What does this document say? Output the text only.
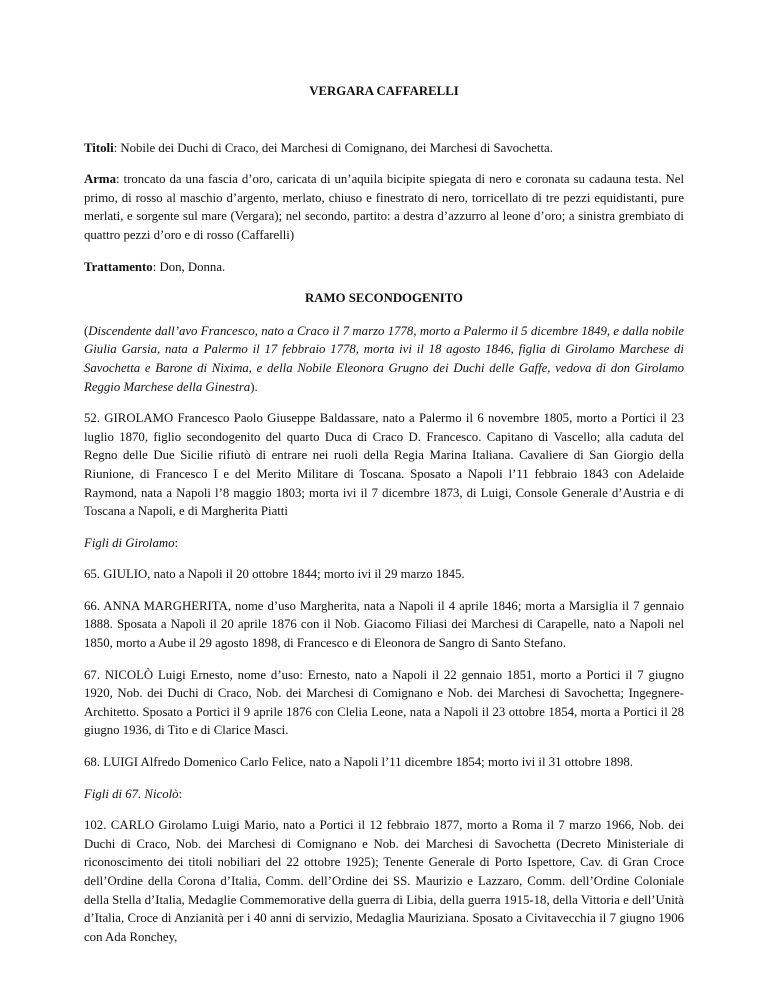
VERGARA CAFFARELLI

Titoli: Nobile dei Duchi di Craco, dei Marchesi di Comignano, dei Marchesi di Savochetta.

Arma: troncato da una fascia d’oro, caricata di un’aquila bicipite spiegata di nero e coronata su cadauna testa. Nel primo, di rosso al maschio d’argento, merlato, chiuso e finestrato di nero, torricellato di tre pezzi equidistanti, pure merlati, e sorgente sul mare (Vergara); nel secondo, partito: a destra d’azzurro al leone d’oro; a sinistra grembiato di quattro pezzi d’oro e di rosso (Caffarelli)

Trattamento: Don, Donna.

RAMO SECONDOGENITO

(Discendente dall’avo Francesco, nato a Craco il 7 marzo 1778, morto a Palermo il 5 dicembre 1849, e dalla nobile Giulia Garsia, nata a Palermo il 17 febbraio 1778, morta ivi il 18 agosto 1846, figlia di Girolamo Marchese di Savochetta e Barone di Nixima, e della Nobile Eleonora Grugno dei Duchi delle Gaffe, vedova di don Girolamo Reggio Marchese della Ginestra).

52. GIROLAMO Francesco Paolo Giuseppe Baldassare, nato a Palermo il 6 novembre 1805, morto a Portici il 23 luglio 1870, figlio secondogenito del quarto Duca di Craco D. Francesco. Capitano di Vascello; alla caduta del Regno delle Due Sicilie rifiutò di entrare nei ruoli della Regia Marina Italiana. Cavaliere di San Giorgio della Riunione, di Francesco I e del Merito Militare di Toscana. Sposato a Napoli l’11 febbraio 1843 con Adelaide Raymond, nata a Napoli l’8 maggio 1803; morta ivi il 7 dicembre 1873, di Luigi, Console Generale d’Austria e di Toscana a Napoli, e di Margherita Piatti

Figli di Girolamo:

65. GIULIO, nato a Napoli il 20 ottobre 1844; morto ivi il 29 marzo 1845.

66. ANNA MARGHERITA, nome d’uso Margherita, nata a Napoli il 4 aprile 1846; morta a Marsiglia il 7 gennaio 1888. Sposata a Napoli il 20 aprile 1876 con il Nob. Giacomo Filiasi dei Marchesi di Carapelle, nato a Napoli nel 1850, morto a Aube il 29 agosto 1898, di Francesco e di Eleonora de Sangro di Santo Stefano.

67. NICOLÒ Luigi Ernesto, nome d’uso: Ernesto, nato a Napoli il 22 gennaio 1851, morto a Portici il 7 giugno 1920, Nob. dei Duchi di Craco, Nob. dei Marchesi di Comignano e Nob. dei Marchesi di Savochetta; Ingegnere-Architetto. Sposato a Portici il 9 aprile 1876 con Clelia Leone, nata a Napoli il 23 ottobre 1854, morta a Portici il 28 giugno 1936, di Tito e di Clarice Masci.

68. LUIGI Alfredo Domenico Carlo Felice, nato a Napoli l’11 dicembre 1854; morto ivi il 31 ottobre 1898.

Figli di 67. Nicolò:

102. CARLO Girolamo Luigi Mario, nato a Portici il 12 febbraio 1877, morto a Roma il 7 marzo 1966, Nob. dei Duchi di Craco, Nob. dei Marchesi di Comignano e Nob. dei Marchesi di Savochetta (Decreto Ministeriale di riconoscimento dei titoli nobiliari del 22 ottobre 1925); Tenente Generale di Porto Ispettore, Cav. di Gran Croce dell’Ordine della Corona d’Italia, Comm. dell’Ordine dei SS. Maurizio e Lazzaro, Comm. dell’Ordine Coloniale della Stella d’Italia, Medaglie Commemorative della guerra di Libia, della guerra 1915-18, della Vittoria e dell’Unità d’Italia, Croce di Anzianità per i 40 anni di servizio, Medaglia Mauriziana. Sposato a Civitavecchia il 7 giugno 1906 con Ada Ronchey,
